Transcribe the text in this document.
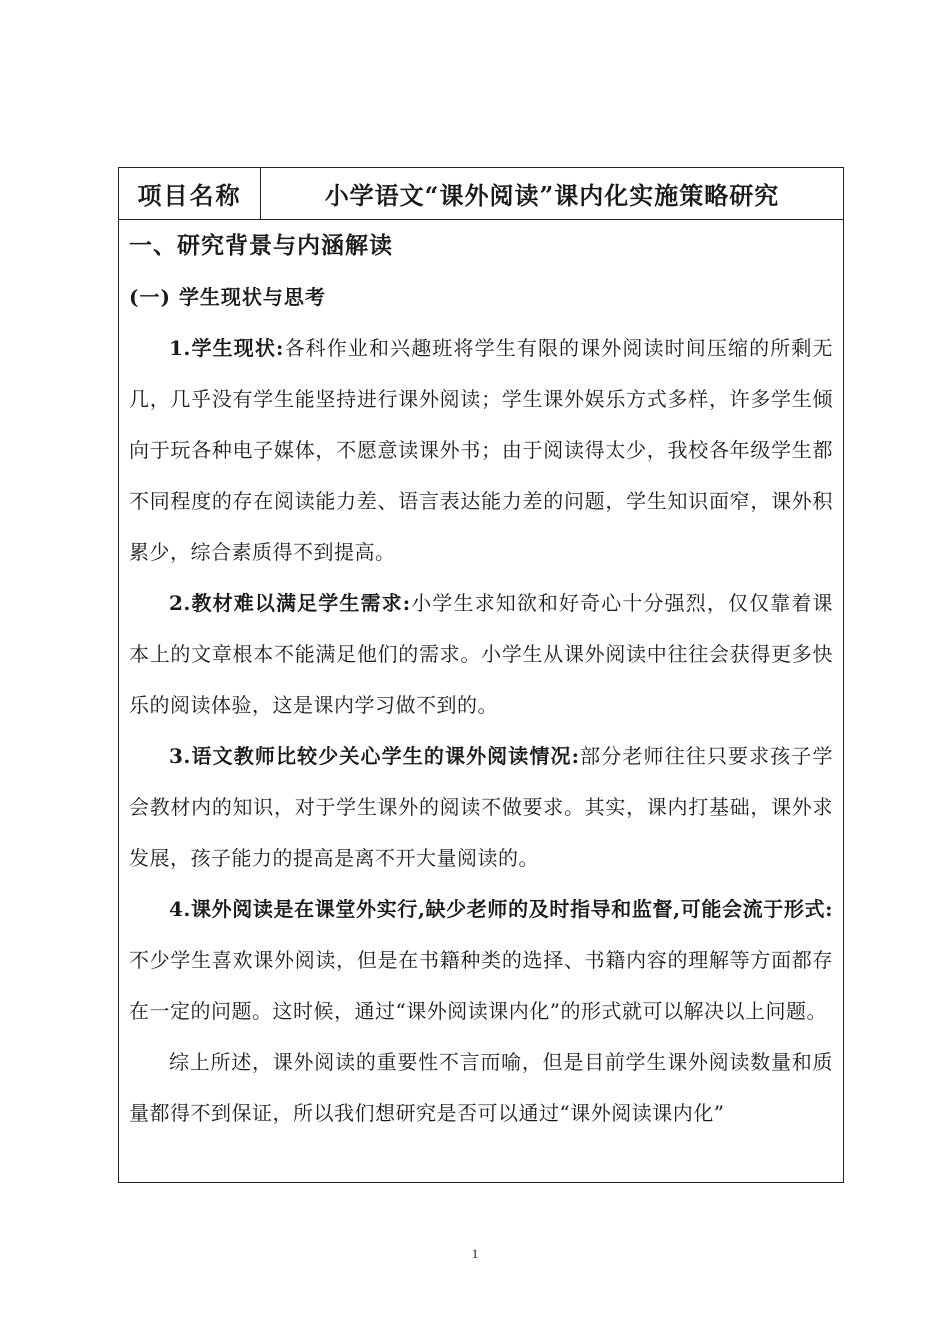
项目名称	小学语文“课外阅读”课内化实施策略研究
一、研究背景与内涵解读
(一) 学生现状与思考

1.学生现状:各科作业和兴趣班将学生有限的课外阅读时间压缩的所剩无几，几乎没有学生能坚持进行课外阅读；学生课外娱乐方式多样，许多学生倾向于玩各种电子媒体，不愿意读课外书；由于阅读得太少，我校各年级学生都不同程度的存在阅读能力差、语言表达能力差的问题，学生知识面窄，课外积累少，综合素质得不到提高。

2.教材难以满足学生需求:小学生求知欲和好奇心十分强烈，仅仅靠着课本上的文章根本不能满足他们的需求。小学生从课外阅读中往往会获得更多快乐的阅读体验，这是课内学习做不到的。

3.语文教师比较少关心学生的课外阅读情况:部分老师往往只要求孩子学会教材内的知识，对于学生课外的阅读不做要求。其实，课内打基础，课外求发展，孩子能力的提高是离不开大量阅读的。

4.课外阅读是在课堂外实行,缺少老师的及时指导和监督,可能会流于形式:不少学生喜欢课外阅读，但是在书籍种类的选择、书籍内容的理解等方面都存在一定的问题。这时候，通过“课外阅读课内化”的形式就可以解决以上问题。

综上所述，课外阅读的重要性不言而喻，但是目前学生课外阅读数量和质量都得不到保证，所以我们想研究是否可以通过“课外阅读课内化”

1
